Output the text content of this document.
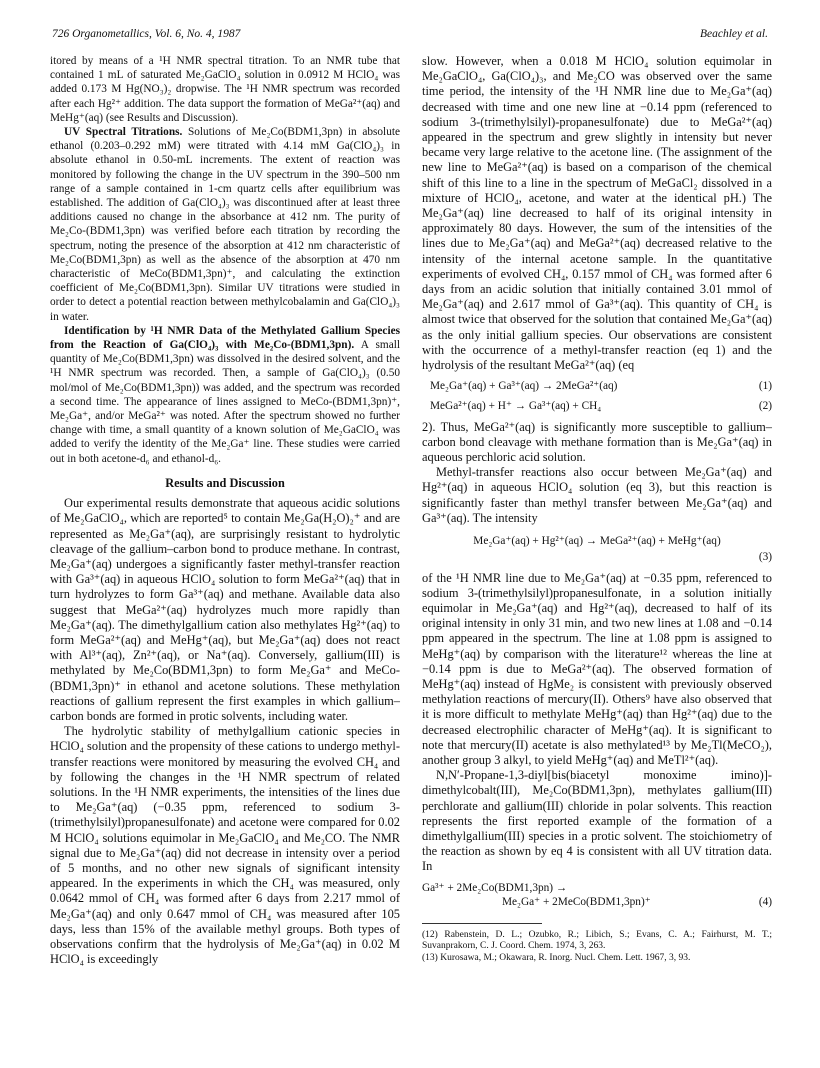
726 Organometallics, Vol. 6, No. 4, 1987	Beachley et al.

itored by means of a ¹H NMR spectral titration. To an NMR tube that contained 1 mL of saturated Me₂GaClO₄ solution in 0.0912 M HClO₄ was added 0.173 M Hg(NO₃)₂ dropwise. The ¹H NMR spectrum was recorded after each Hg²⁺ addition. The data support the formation of MeGa²⁺(aq) and MeHg⁺(aq) (see Results and Discussion).

UV Spectral Titrations. Solutions of Me₂Co(BDM1,3pn) in absolute ethanol (0.203–0.292 mM) were titrated with 4.14 mM Ga(ClO₄)₃ in absolute ethanol in 0.50-mL increments. The extent of reaction was monitored by following the change in the UV spectrum in the 390–500 nm range of a sample contained in 1-cm quartz cells after equilibrium was established. The addition of Ga(ClO₄)₃ was discontinued after at least three additions caused no change in the absorbance at 412 nm. The purity of Me₂Co-(BDM1,3pn) was verified before each titration by recording the spectrum, noting the presence of the absorption at 412 nm characteristic of Me₂Co(BDM1,3pn) as well as the absence of the absorption at 470 nm characteristic of MeCo(BDM1,3pn)⁺, and calculating the extinction coefficient of Me₂Co(BDM1,3pn). Similar UV titrations were studied in order to detect a potential reaction between methylcobalamin and Ga(ClO₄)₃ in water.

Identification by ¹H NMR Data of the Methylated Gallium Species from the Reaction of Ga(ClO₄)₃ with Me₂Co-(BDM1,3pn). A small quantity of Me₂Co(BDM1,3pn) was dissolved in the desired solvent, and the ¹H NMR spectrum was recorded. Then, a sample of Ga(ClO₄)₃ (0.50 mol/mol of Me₂Co(BDM1,3pn)) was added, and the spectrum was recorded a second time. The appearance of lines assigned to MeCo-(BDM1,3pn)⁺, Me₂Ga⁺, and/or MeGa²⁺ was noted. After the spectrum showed no further change with time, a small quantity of a known solution of Me₂GaClO₄ was added to verify the identity of the Me₂Ga⁺ line. These studies were carried out in both acetone-d₆ and ethanol-d₆.

Results and Discussion

Our experimental results demonstrate that aqueous acidic solutions of Me₂GaClO₄, which are reported⁵ to contain Me₂Ga(H₂O)₂⁺ and are represented as Me₂Ga⁺(aq), are surprisingly resistant to hydrolytic cleavage of the gallium–carbon bond to produce methane. In contrast, Me₂Ga⁺(aq) undergoes a significantly faster methyl-transfer reaction with Ga³⁺(aq) in aqueous HClO₄ solution to form MeGa²⁺(aq) that in turn hydrolyzes to form Ga³⁺(aq) and methane. Available data also suggest that MeGa²⁺(aq) hydrolyzes much more rapidly than Me₂Ga⁺(aq). The dimethylgallium cation also methylates Hg²⁺(aq) to form MeGa²⁺(aq) and MeHg⁺(aq), but Me₂Ga⁺(aq) does not react with Al³⁺(aq), Zn²⁺(aq), or Na⁺(aq). Conversely, gallium(III) is methylated by Me₂Co(BDM1,3pn) to form Me₂Ga⁺ and MeCo-(BDM1,3pn)⁺ in ethanol and acetone solutions. These methylation reactions of gallium represent the first examples in which gallium–carbon bonds are formed in protic solvents, including water.

The hydrolytic stability of methylgallium cationic species in HClO₄ solution and the propensity of these cations to undergo methyl-transfer reactions were monitored by measuring the evolved CH₄ and by following the changes in the ¹H NMR spectrum of related solutions. In the ¹H NMR experiments, the intensities of the lines due to Me₂Ga⁺(aq) (−0.35 ppm, referenced to sodium 3-(trimethylsilyl)propanesulfonate) and acetone were compared for 0.02 M HClO₄ solutions equimolar in Me₂GaClO₄ and Me₂CO. The NMR signal due to Me₂Ga⁺(aq) did not decrease in intensity over a period of 5 months, and no other new signals of significant intensity appeared. In the experiments in which the CH₄ was measured, only 0.0642 mmol of CH₄ was formed after 6 days from 2.217 mmol of Me₂Ga⁺(aq) and only 0.647 mmol of CH₄ was measured after 105 days, less than 15% of the available methyl groups. Both types of observations confirm that the hydrolysis of Me₂Ga⁺(aq) in 0.02 M HClO₄ is exceedingly

slow. However, when a 0.018 M HClO₄ solution equimolar in Me₂GaClO₄, Ga(ClO₄)₃, and Me₂CO was observed over the same time period, the intensity of the ¹H NMR line due to Me₂Ga⁺(aq) decreased with time and one new line at −0.14 ppm (referenced to sodium 3-(trimethylsilyl)-propanesulfonate) due to MeGa²⁺(aq) appeared in the spectrum and grew slightly in intensity but never became very large relative to the acetone line. (The assignment of the new line to MeGa²⁺(aq) is based on a comparison of the chemical shift of this line to a line in the spectrum of MeGaCl₂ dissolved in a mixture of HClO₄, acetone, and water at the identical pH.) The Me₂Ga⁺(aq) line decreased to half of its original intensity in approximately 80 days. However, the sum of the intensities of the lines due to Me₂Ga⁺(aq) and MeGa²⁺(aq) decreased relative to the intensity of the internal acetone sample. In the quantitative experiments of evolved CH₄, 0.157 mmol of CH₄ was formed after 6 days from an acidic solution that initially contained 3.01 mmol of Me₂Ga⁺(aq) and 2.617 mmol of Ga³⁺(aq). This quantity of CH₄ is almost twice that observed for the solution that contained Me₂Ga⁺(aq) as the only initial gallium species. Our observations are consistent with the occurrence of a methyl-transfer reaction (eq 1) and the hydrolysis of the resultant MeGa²⁺(aq) (eq

Me₂Ga⁺(aq) + Ga³⁺(aq) → 2MeGa²⁺(aq)	(1)
MeGa²⁺(aq) + H⁺ → Ga³⁺(aq) + CH₄	(2)

2). Thus, MeGa²⁺(aq) is significantly more susceptible to gallium–carbon bond cleavage with methane formation than is Me₂Ga⁺(aq) in aqueous perchloric acid solution.

Methyl-transfer reactions also occur between Me₂Ga⁺(aq) and Hg²⁺(aq) in aqueous HClO₄ solution (eq 3), but this reaction is significantly faster than methyl transfer between Me₂Ga⁺(aq) and Ga³⁺(aq). The intensity

Me₂Ga⁺(aq) + Hg²⁺(aq) → MeGa²⁺(aq) + MeHg⁺(aq)
(3)

of the ¹H NMR line due to Me₂Ga⁺(aq) at −0.35 ppm, referenced to sodium 3-(trimethylsilyl)propanesulfonate, in a solution initially equimolar in Me₂Ga⁺(aq) and Hg²⁺(aq), decreased to half of its original intensity in only 31 min, and two new lines at 1.08 and −0.14 ppm appeared in the spectrum. The line at 1.08 ppm is assigned to MeHg⁺(aq) by comparison with the literature¹² whereas the line at −0.14 ppm is due to MeGa²⁺(aq). The observed formation of MeHg⁺(aq) instead of HgMe₂ is consistent with previously observed methylation reactions of mercury(II). Others⁹ have also observed that it is more difficult to methylate MeHg⁺(aq) than Hg²⁺(aq) due to the decreased electrophilic character of MeHg⁺(aq). It is significant to note that mercury(II) acetate is also methylated¹³ by Me₂Tl(MeCO₂), another group 3 alkyl, to yield MeHg⁺(aq) and MeTl²⁺(aq).

N,N′-Propane-1,3-diyl[bis(biacetyl monoxime imino)]-dimethylcobalt(III), Me₂Co(BDM1,3pn), methylates gallium(III) perchlorate and gallium(III) chloride in polar solvents. This reaction represents the first reported example of the formation of a dimethylgallium(III) species in a protic solvent. The stoichiometry of the reaction as shown by eq 4 is consistent with all UV titration data. In

Ga³⁺ + 2Me₂Co(BDM1,3pn) →
Me₂Ga⁺ + 2MeCo(BDM1,3pn)⁺	(4)

(12) Rabenstein, D. L.; Ozubko, R.; Libich, S.; Evans, C. A.; Fairhurst, M. T.; Suvanprakorn, C. J. Coord. Chem. 1974, 3, 263.

(13) Kurosawa, M.; Okawara, R. Inorg. Nucl. Chem. Lett. 1967, 3, 93.
